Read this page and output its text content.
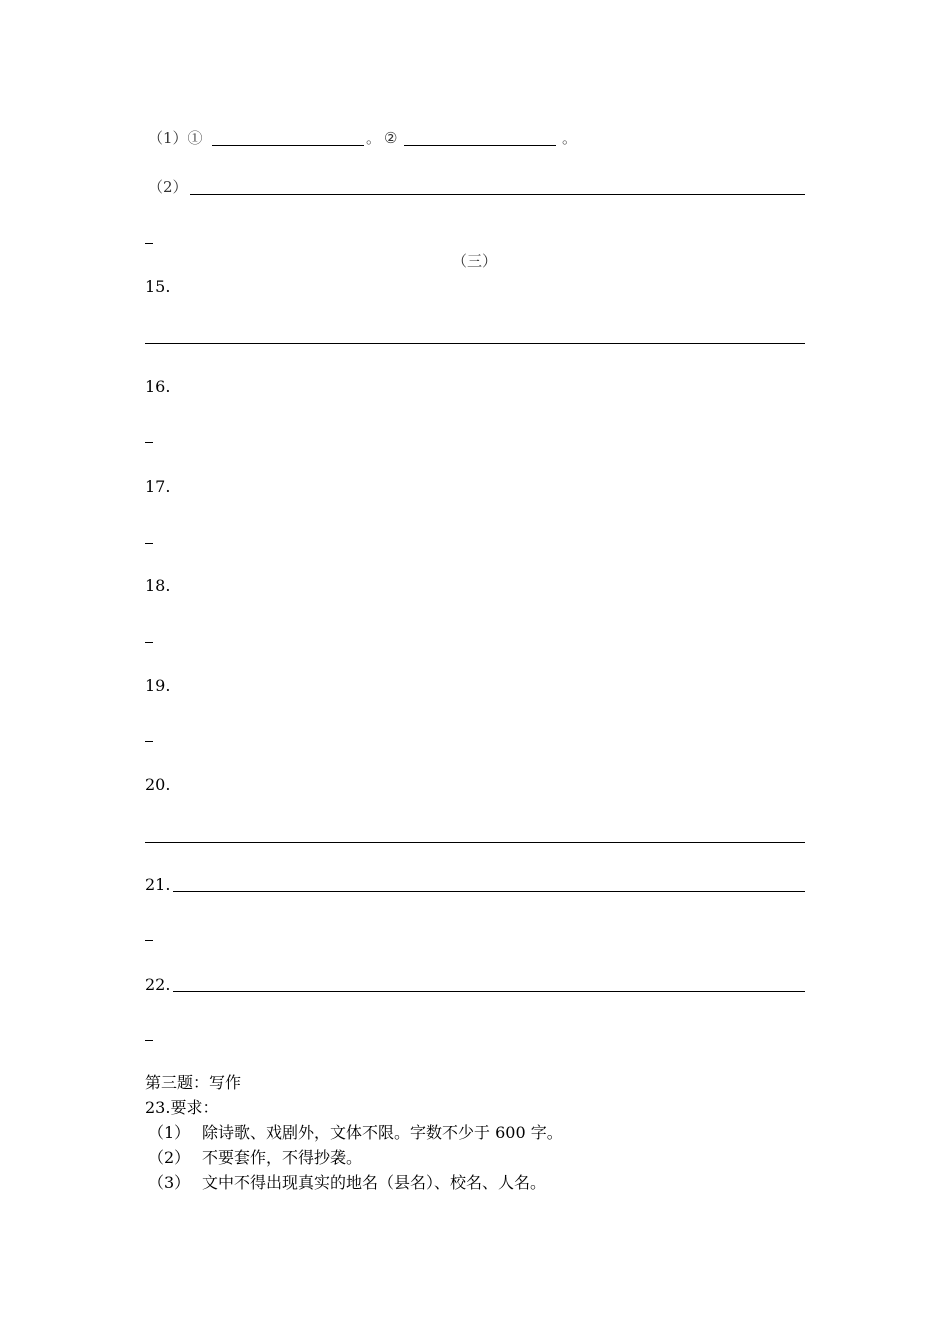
（1）①	。 ②	。
（2）
（三）
15.
16.
17.
18.
19.
20.
21.
22.
第三题：写作
23.要求：
（1） 除诗歌、戏剧外，文体不限。字数不少于 600 字。
（2） 不要套作，不得抄袭。
（3） 文中不得出现真实的地名（县名）、校名、人名。
